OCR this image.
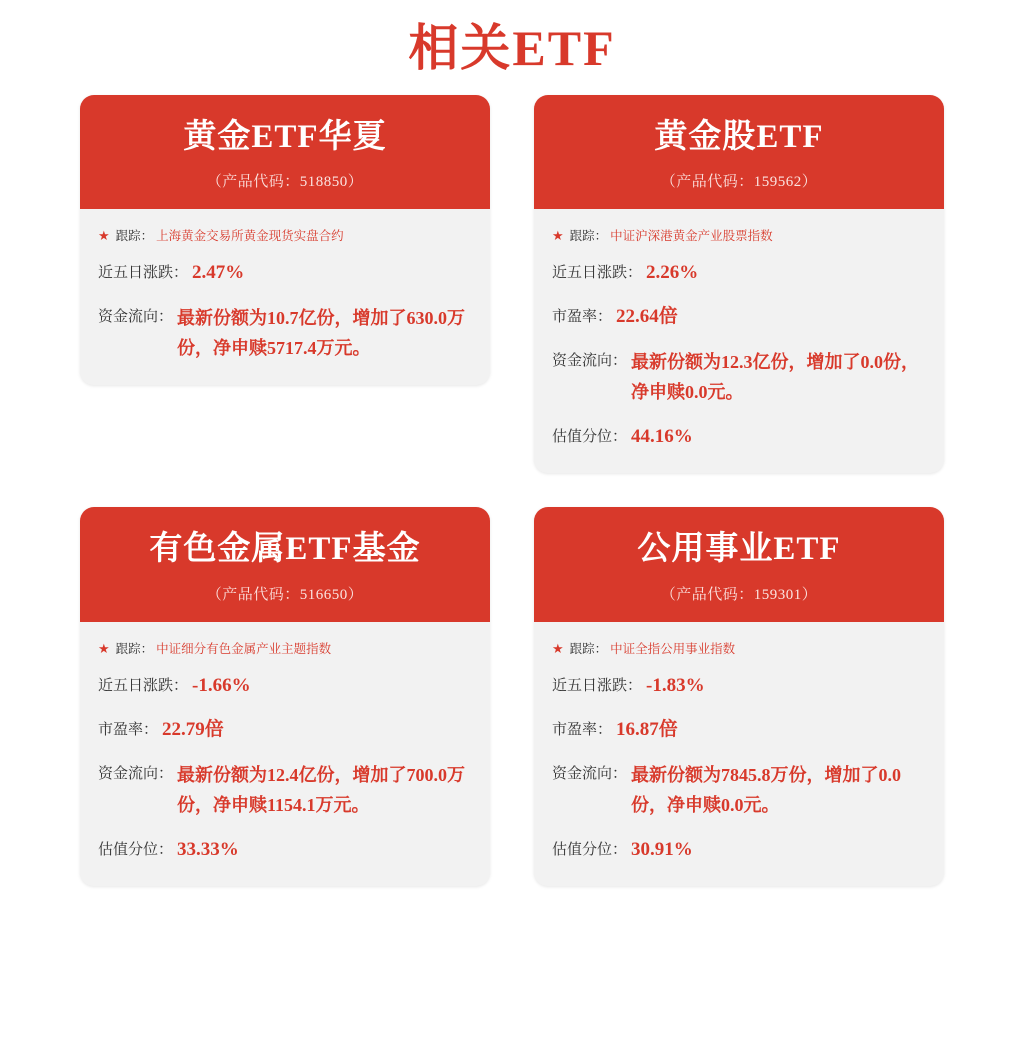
相关ETF
黄金ETF华夏
（产品代码：518850）
★ 跟踪： 上海黄金交易所黄金现货实盘合约
近五日涨跌： 2.47%
资金流向： 最新份额为10.7亿份，增加了630.0万份，净申赎5717.4万元。
黄金股ETF
（产品代码：159562）
★ 跟踪： 中证沪深港黄金产业股票指数
近五日涨跌： 2.26%
市盈率： 22.64倍
资金流向： 最新份额为12.3亿份，增加了0.0份，净申赎0.0元。
估值分位： 44.16%
有色金属ETF基金
（产品代码：516650）
★ 跟踪： 中证细分有色金属产业主题指数
近五日涨跌： -1.66%
市盈率： 22.79倍
资金流向： 最新份额为12.4亿份，增加了700.0万份，净申赎1154.1万元。
估值分位： 33.33%
公用事业ETF
（产品代码：159301）
★ 跟踪： 中证全指公用事业指数
近五日涨跌： -1.83%
市盈率： 16.87倍
资金流向： 最新份额为7845.8万份，增加了0.0份，净申赎0.0元。
估值分位： 30.91%
